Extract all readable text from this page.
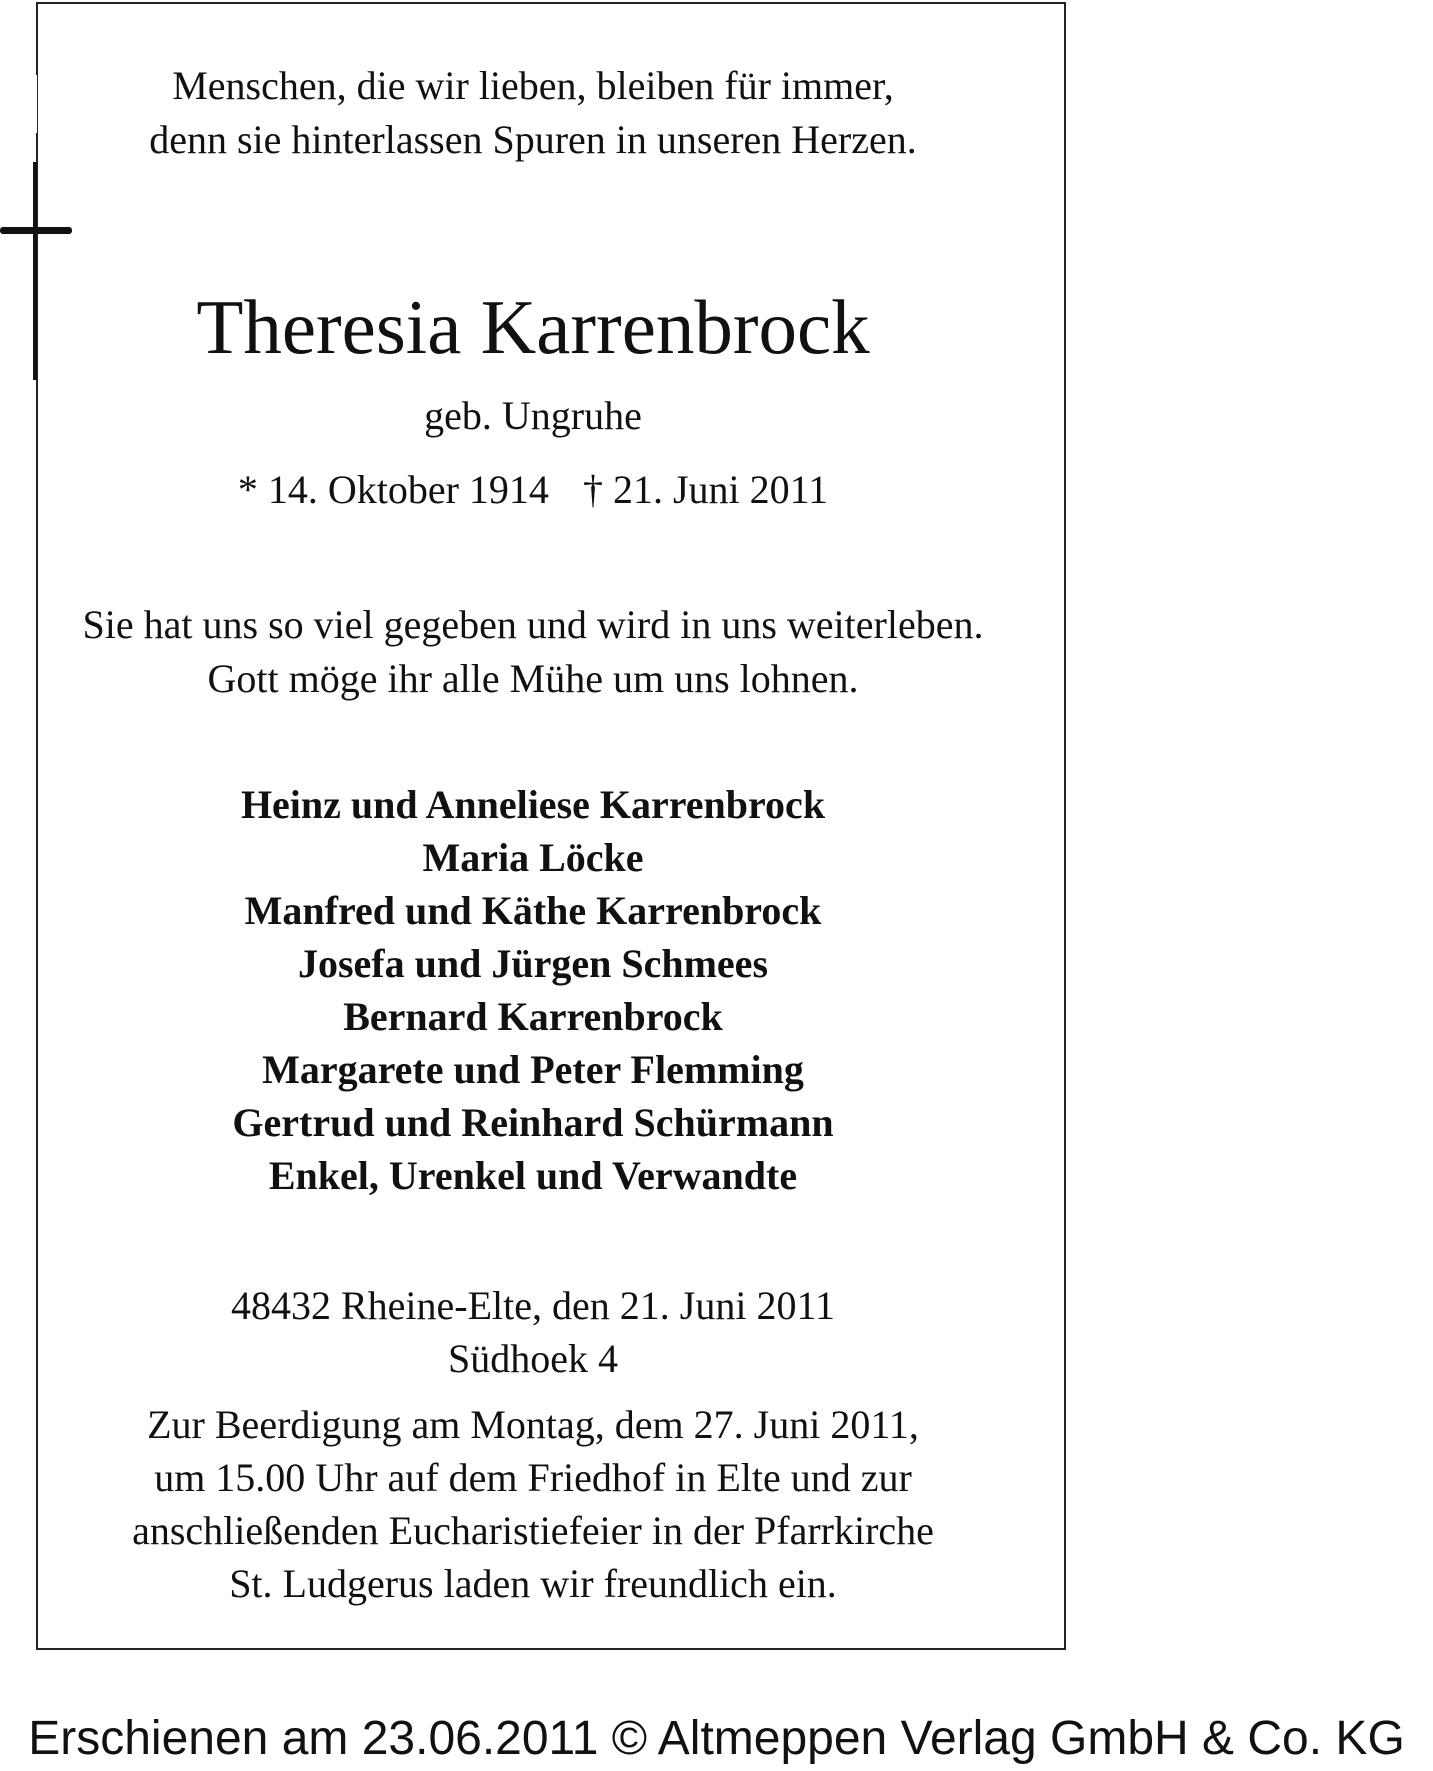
Menschen, die wir lieben, bleiben für immer,
denn sie hinterlassen Spuren in unseren Herzen.
Theresia Karrenbrock
geb. Ungruhe
* 14. Oktober 1914 † 21. Juni 2011
Sie hat uns so viel gegeben und wird in uns weiterleben.
Gott möge ihr alle Mühe um uns lohnen.
Heinz und Anneliese Karrenbrock
Maria Löcke
Manfred und Käthe Karrenbrock
Josefa und Jürgen Schmees
Bernard Karrenbrock
Margarete und Peter Flemming
Gertrud und Reinhard Schürmann
Enkel, Urenkel und Verwandte
48432 Rheine-Elte, den 21. Juni 2011
Südhoek 4
Zur Beerdigung am Montag, dem 27. Juni 2011,
um 15.00 Uhr auf dem Friedhof in Elte und zur
anschließenden Eucharistiefeier in der Pfarrkirche
St. Ludgerus laden wir freundlich ein.
Erschienen am 23.06.2011 © Altmeppen Verlag GmbH & Co. KG
